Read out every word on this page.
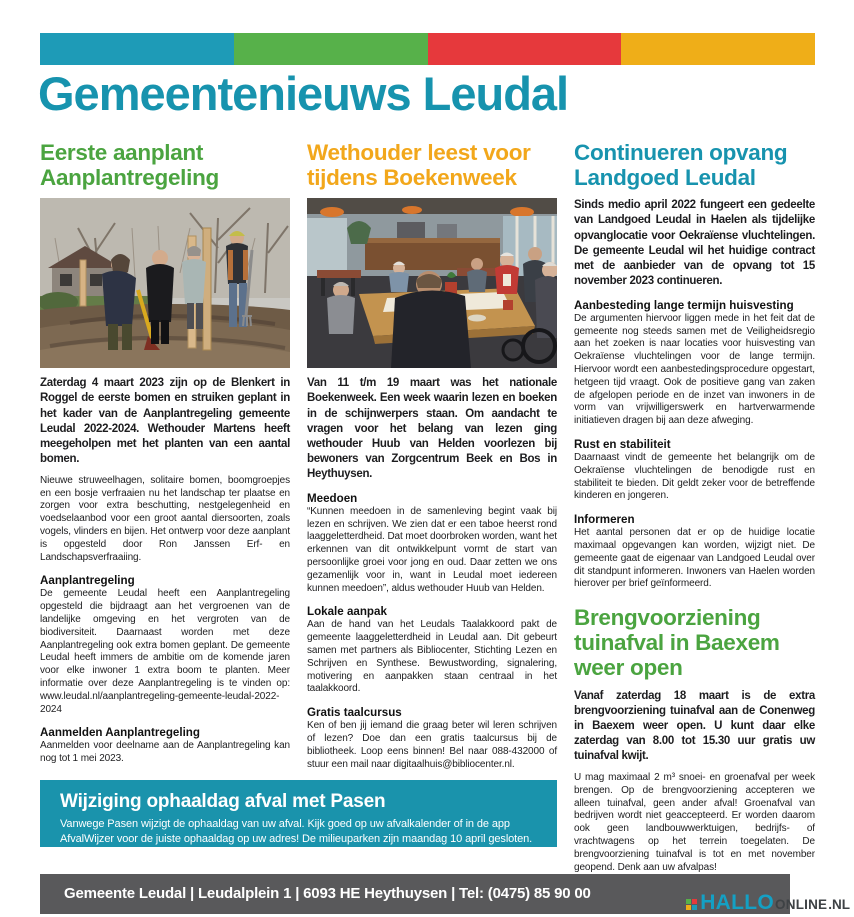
Gemeentenieuws Leudal
Eerste aanplant Aanplantregeling

Zaterdag 4 maart 2023 zijn op de Blenkert in Roggel de eerste bomen en struiken geplant in het kader van de Aanplantregeling gemeente Leudal 2022-2024. Wethouder Martens heeft meegeholpen met het planten van een aantal bomen.

Nieuwe struweelhagen, solitaire bomen, boomgroepjes en een bosje verfraaien nu het landschap ter plaatse en zorgen voor extra beschutting, nestgelegenheid en voedselaanbod voor een groot aantal diersoorten, zoals vogels, vlinders en bijen. Het ontwerp voor deze aanplant is opgesteld door Ron Janssen Erf- en Landschapsverfraaiing.

Aanplantregeling

De gemeente Leudal heeft een Aanplantregeling opgesteld die bijdraagt aan het vergroenen van de landelijke omgeving en het vergroten van de biodiversiteit. Daarnaast worden met deze Aanplantregeling ook extra bomen geplant. De gemeente Leudal heeft immers de ambitie om de komende jaren voor elke inwoner 1 extra boom te planten. Meer informatie over deze Aanplantregeling is te vinden op: www.leudal.nl/aanplantregeling-gemeente-leudal-2022-2024

Aanmelden Aanplantregeling

Aanmelden voor deelname aan de Aanplantregeling kan nog tot 1 mei 2023.

Wethouder leest voor tijdens Boekenweek

Van 11 t/m 19 maart was het nationale Boekenweek. Een week waarin lezen en boeken in de schijnwerpers staan. Om aandacht te vragen voor het belang van lezen ging wethouder Huub van Helden voorlezen bij bewoners van Zorgcentrum Beek en Bos in Heythuysen.

Meedoen

“Kunnen meedoen in de samenleving begint vaak bij lezen en schrijven. We zien dat er een taboe heerst rond laaggeletterdheid. Dat moet doorbroken worden, want het erkennen van dit ontwikkelpunt vormt de start van persoonlijke groei voor jong en oud. Daar zetten we ons gezamenlijk voor in, want in Leudal moet iedereen kunnen meedoen”, aldus wethouder Huub van Helden.

Lokale aanpak

Aan de hand van het Leudals Taalakkoord pakt de gemeente laaggeletterdheid in Leudal aan. Dit gebeurt samen met partners als Bibliocenter, Stichting Lezen en Schrijven en Synthese. Bewustwording, signalering, motivering en aanpakken staan centraal in het taalakkoord.

Gratis taalcursus

Ken of ben jij iemand die graag beter wil leren schrijven of lezen? Doe dan een gratis taalcursus bij de bibliotheek. Loop eens binnen! Bel naar 088-432000 of stuur een mail naar digitaalhuis@bibliocenter.nl.

Continueren opvang Landgoed Leudal

Sinds medio april 2022 fungeert een gedeelte van Landgoed Leudal in Haelen als tijdelijke opvanglocatie voor Oekraïense vluchtelingen. De gemeente Leudal wil het huidige contract met de aanbieder van de opvang tot 15 november 2023 continueren.

Aanbesteding lange termijn huisvesting

De argumenten hiervoor liggen mede in het feit dat de gemeente nog steeds samen met de Veiligheidsregio aan het zoeken is naar locaties voor huisvesting van Oekraïense vluchtelingen voor de lange termijn. Hiervoor wordt een aanbestedingsprocedure opgestart, hetgeen tijd vraagt. Ook de positieve gang van zaken de afgelopen periode en de inzet van inwoners in de vorm van vrijwilligerswerk en hartverwarmende initiatieven dragen bij aan deze afweging.

Rust en stabiliteit

Daarnaast vindt de gemeente het belangrijk om de Oekraïense vluchtelingen de benodigde rust en stabiliteit te bieden. Dit geldt zeker voor de betreffende kinderen en jongeren.

Informeren

Het aantal personen dat er op de huidige locatie maximaal opgevangen kan worden, wijzigt niet. De gemeente gaat de eigenaar van Landgoed Leudal over dit standpunt informeren. Inwoners van Haelen worden hierover per brief geïnformeerd.

Brengvoorziening tuinafval in Baexem weer open

Vanaf zaterdag 18 maart is de extra brengvoorziening tuinafval aan de Conenweg in Baexem weer open. U kunt daar elke zaterdag van 8.00 tot 15.30 uur gratis uw tuinafval kwijt.

U mag maximaal 2 m³ snoei- en groenafval per week brengen. Op de brengvoorziening accepteren we alleen tuinafval, geen ander afval! Groenafval van bedrijven wordt niet geaccepteerd. Er worden daarom ook geen landbouwwerktuigen, bedrijfs- of vrachtwagens op het terrein toegelaten. De brengvoorziening tuinafval is tot en met november geopend. Denk aan uw afvalpas!

Wijziging ophaaldag afval met Pasen

Vanwege Pasen wijzigt de ophaaldag van uw afval. Kijk goed op uw afvalkalender of in de app AfvalWijzer voor de juiste ophaaldag op uw adres! De milieuparken zijn maandag 10 april gesloten.

Gemeente Leudal | Leudalplein 1 | 6093 HE Heythuysen | Tel: (0475) 85 90 00	HALLO ONLINE .NL
